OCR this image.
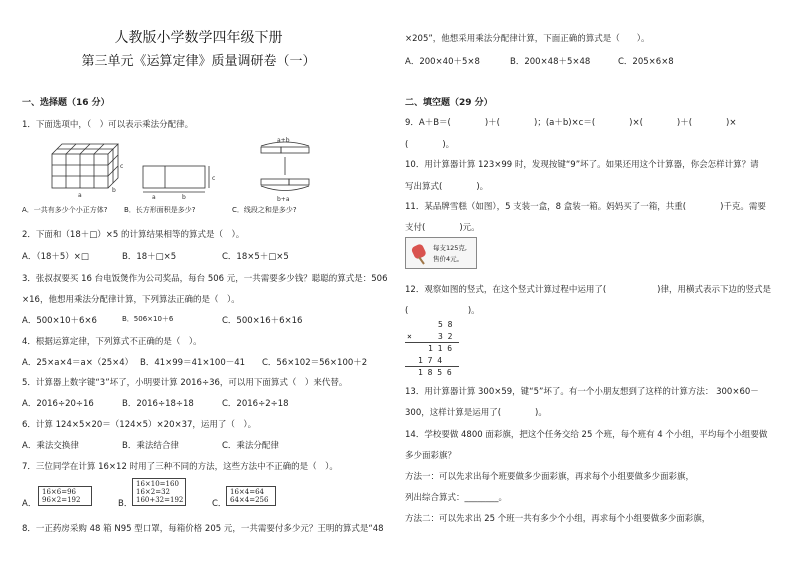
人教版小学数学四年级下册
第三单元《运算定律》质量调研卷（一）
一、选择题（16 分）
1．下面选项中，（　）可以表示乘法分配律。
c
b
a
A．一共有多少个小正方体?
a	b
c
B．长方形面积是多少?
a+b
b+a
C．线段之和是多少?
2．下面和（18＋□）×5 的计算结果相等的算式是（　）。
A．（18＋5）×□	B．18＋□×5	C．18×5＋□×5
3．张叔叔要买 16 台电饭煲作为公司奖品，每台 506 元，一共需要多少钱？聪聪的算式是：506
×16，他想用乘法分配律计算，下列算法正确的是（　）。
A．500×10＋6×6	B．506×10＋6	C．500×16＋6×16
4．根据运算定律，下列算式不正确的是（　）。
A．25×a×4＝a×（25×4） B．41×99＝41×100－41 C．56×102＝56×100＋2
5．计算器上数字键“3”坏了，小明要计算 2016÷36，可以用下面算式（　）来代替。
A．2016÷20÷16	B．2016÷18÷18	C．2016÷2÷18
6．计算 124×5×20＝（124×5）×20×37，运用了（　）。
A．乘法交换律	B．乘法结合律	C．乘法分配律
7．三位同学在计算 16×12 时用了三种不同的方法，这些方法中不正确的是（　）。
A．
16×6=96
96×2=192	B．
16×10=160
16×2=32
160+32=192	C．
16×4=64
64×4=256
8．一正药房采购 48 箱 N95 型口罩，每箱价格 205 元，一共需要付多少元？王明的算式是“48
×205”，他想采用乘法分配律计算，下面正确的算式是（　　）。
A．200×40＋5×8	B．200×48＋5×48	C．205×6×8
二、填空题（29 分）
9．A＋B＝(　　　　)＋(　　　　)；(a＋b)×c＝(　　　　)×(　　　　)＋(　　　　)×
(　　　　)。
10．用计算器计算 123×99 时，发现按键“9”坏了。如果还用这个计算器，你会怎样计算？请
写出算式(　　　　)。
11．某品牌雪糕（如图），5 支装一盒，8 盒装一箱。妈妈买了一箱，共重(　　　　)千克。需要
支付(　　　　)元。
每支125克,
售价4元。
12．观察如图的竖式，在这个竖式计算过程中运用了(　　　　　　)律，用横式表示下边的竖式是
(　　　　　　　)。
5 8
×	3 2
1 1 6
1 7 4
1 8 5 6
13．用计算器计算 300×59，键“5”坏了。有一个小朋友想到了这样的计算方法： 300×60－
300，这样计算是运用了(　　　　)。
14．学校要做 4800 面彩旗，把这个任务交给 25 个班，每个班有 4 个小组，平均每个小组要做
多少面彩旗？
方法一：可以先求出每个班要做多少面彩旗，再求每个小组要做多少面彩旗，
列出综合算式：________。
方法二：可以先求出 25 个班一共有多少个小组，再求每个小组要做多少面彩旗，
